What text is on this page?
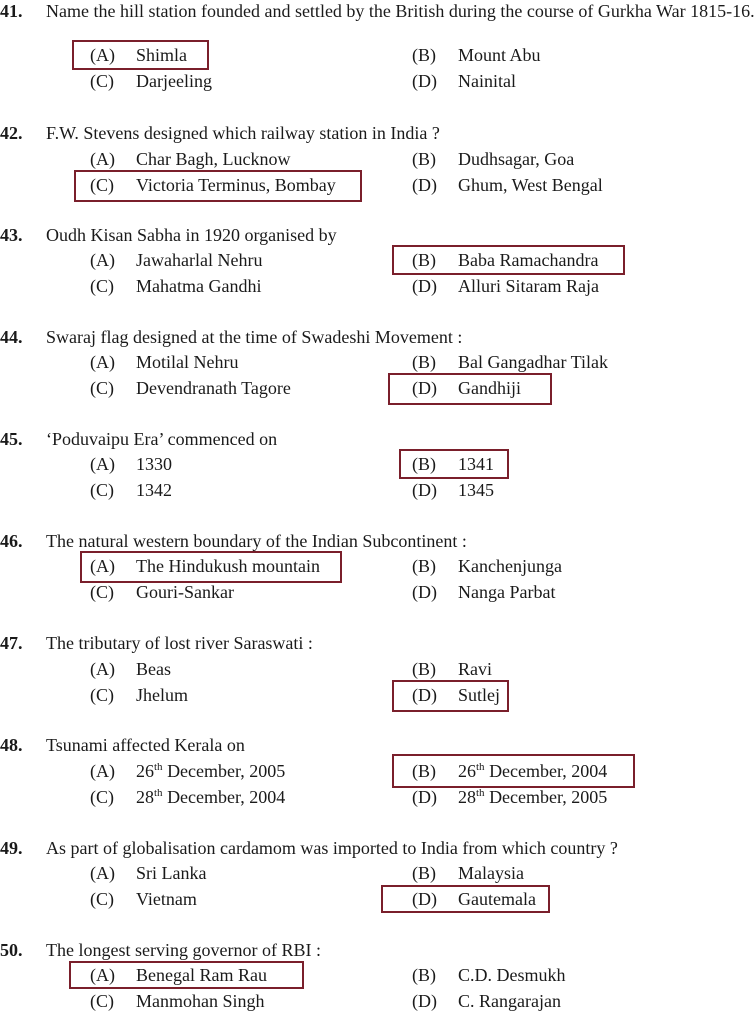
41. Name the hill station founded and settled by the British during the course of Gurkha War 1815-16.
(A) Shimla	(B) Mount Abu
(C) Darjeeling	(D) Nainital
42. F.W. Stevens designed which railway station in India ?
(A) Char Bagh, Lucknow	(B) Dudhsagar, Goa
(C) Victoria Terminus, Bombay	(D) Ghum, West Bengal
43. Oudh Kisan Sabha in 1920 organised by
(A) Jawaharlal Nehru	(B) Baba Ramachandra
(C) Mahatma Gandhi	(D) Alluri Sitaram Raja
44. Swaraj flag designed at the time of Swadeshi Movement :
(A) Motilal Nehru	(B) Bal Gangadhar Tilak
(C) Devendranath Tagore	(D) Gandhiji
45. ‘Poduvaipu Era’ commenced on
(A) 1330	(B) 1341
(C) 1342	(D) 1345
46. The natural western boundary of the Indian Subcontinent :
(A) The Hindukush mountain	(B) Kanchenjunga
(C) Gouri-Sankar	(D) Nanga Parbat
47. The tributary of lost river Saraswati :
(A) Beas	(B) Ravi
(C) Jhelum	(D) Sutlej
48. Tsunami affected Kerala on
(A) 26th December, 2005	(B) 26th December, 2004
(C) 28th December, 2004	(D) 28th December, 2005
49. As part of globalisation cardamom was imported to India from which country ?
(A) Sri Lanka	(B) Malaysia
(C) Vietnam	(D) Gautemala
50. The longest serving governor of RBI :
(A) Benegal Ram Rau	(B) C.D. Desmukh
(C) Manmohan Singh	(D) C. Rangarajan
